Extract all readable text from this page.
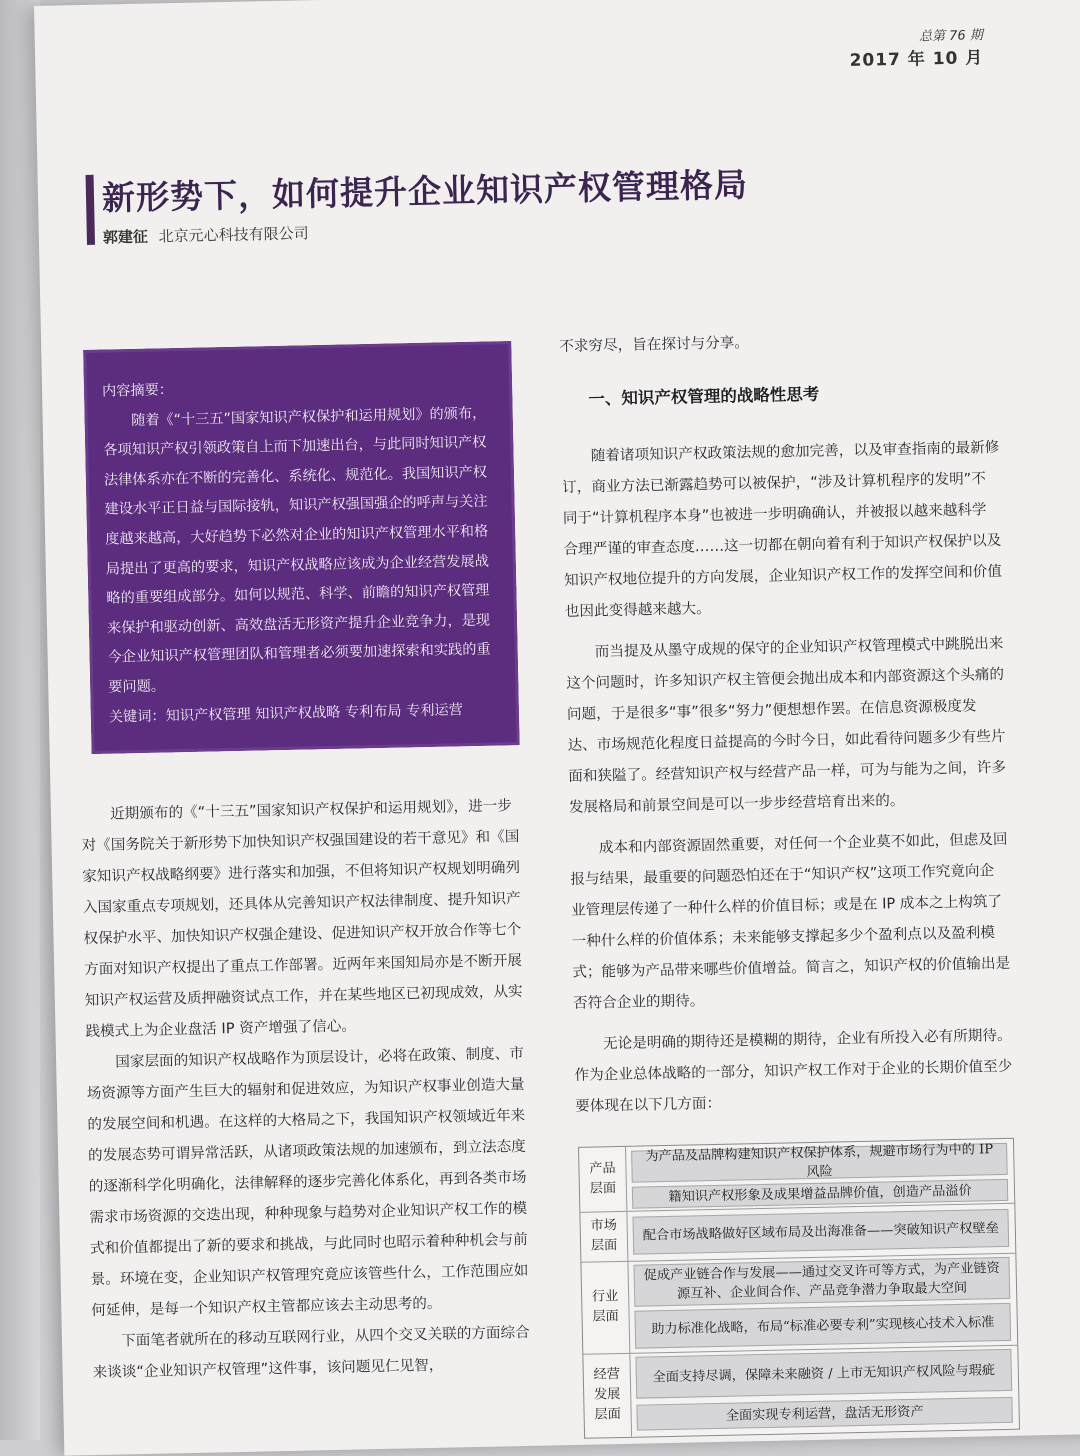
总第 76 期
2017 年 10 月
新形势下，如何提升企业知识产权管理格局
郭建征 北京元心科技有限公司

内容摘要：

随着《“十三五”国家知识产权保护和运用规划》的颁布，各项知识产权引领政策自上而下加速出台，与此同时知识产权法律体系亦在不断的完善化、系统化、规范化。我国知识产权建设水平正日益与国际接轨，知识产权强国强企的呼声与关注度越来越高，大好趋势下必然对企业的知识产权管理水平和格局提出了更高的要求，知识产权战略应该成为企业经营发展战略的重要组成部分。如何以规范、科学、前瞻的知识产权管理来保护和驱动创新、高效盘活无形资产提升企业竞争力，是现今企业知识产权管理团队和管理者必须要加速探索和实践的重要问题。

关键词：知识产权管理 知识产权战略 专利布局 专利运营

近期颁布的《“十三五”国家知识产权保护和运用规划》，进一步对《国务院关于新形势下加快知识产权强国建设的若干意见》和《国家知识产权战略纲要》进行落实和加强，不但将知识产权规划明确列入国家重点专项规划，还具体从完善知识产权法律制度、提升知识产权保护水平、加快知识产权强企建设、促进知识产权开放合作等七个方面对知识产权提出了重点工作部署。近两年来国知局亦是不断开展知识产权运营及质押融资试点工作，并在某些地区已初现成效，从实践模式上为企业盘活 IP 资产增强了信心。

国家层面的知识产权战略作为顶层设计，必将在政策、制度、市场资源等方面产生巨大的辐射和促进效应，为知识产权事业创造大量的发展空间和机遇。在这样的大格局之下，我国知识产权领域近年来的发展态势可谓异常活跃，从诸项政策法规的加速颁布，到立法态度的逐渐科学化明确化，法律解释的逐步完善化体系化，再到各类市场需求市场资源的交迭出现，种种现象与趋势对企业知识产权工作的模式和价值都提出了新的要求和挑战，与此同时也昭示着种种机会与前景。环境在变，企业知识产权管理究竟应该管些什么，工作范围应如何延伸，是每一个知识产权主管都应该去主动思考的。

下面笔者就所在的移动互联网行业，从四个交叉关联的方面综合来谈谈“企业知识产权管理”这件事，该问题见仁见智，

不求穷尽，旨在探讨与分享。

一、知识产权管理的战略性思考

随着诸项知识产权政策法规的愈加完善，以及审查指南的最新修订，商业方法已渐露趋势可以被保护，“涉及计算机程序的发明”不同于“计算机程序本身”也被进一步明确确认，并被报以越来越科学合理严谨的审查态度……这一切都在朝向着有利于知识产权保护以及知识产权地位提升的方向发展，企业知识产权工作的发挥空间和价值也因此变得越来越大。

而当提及从墨守成规的保守的企业知识产权管理模式中跳脱出来这个问题时，许多知识产权主管便会抛出成本和内部资源这个头痛的问题，于是很多“事”很多“努力”便想想作罢。在信息资源极度发达、市场规范化程度日益提高的今时今日，如此看待问题多少有些片面和狭隘了。经营知识产权与经营产品一样，可为与能为之间，许多发展格局和前景空间是可以一步步经营培育出来的。

成本和内部资源固然重要，对任何一个企业莫不如此，但虑及回报与结果，最重要的问题恐怕还在于“知识产权”这项工作究竟向企业管理层传递了一种什么样的价值目标；或是在 IP 成本之上构筑了一种什么样的价值体系；未来能够支撑起多少个盈利点以及盈利模式；能够为产品带来哪些价值增益。简言之，知识产权的价值输出是否符合企业的期待。

无论是明确的期待还是模糊的期待，企业有所投入必有所期待。作为企业总体战略的一部分，知识产权工作对于企业的长期价值至少要体现在以下几方面：

产品层面
为产品及品牌构建知识产权保护体系，规避市场行为中的 IP 风险
籍知识产权形象及成果增益品牌价值，创造产品溢价
市场层面
配合市场战略做好区域布局及出海准备——突破知识产权壁垒
行业层面
促成产业链合作与发展——通过交叉许可等方式，为产业链资源互补、企业间合作、产品竞争潜力争取最大空间
助力标准化战略，布局“标准必要专利”实现核心技术入标准
经营发展层面
全面支持尽调，保障未来融资 / 上市无知识产权风险与瑕疵
全面实现专利运营，盘活无形资产
